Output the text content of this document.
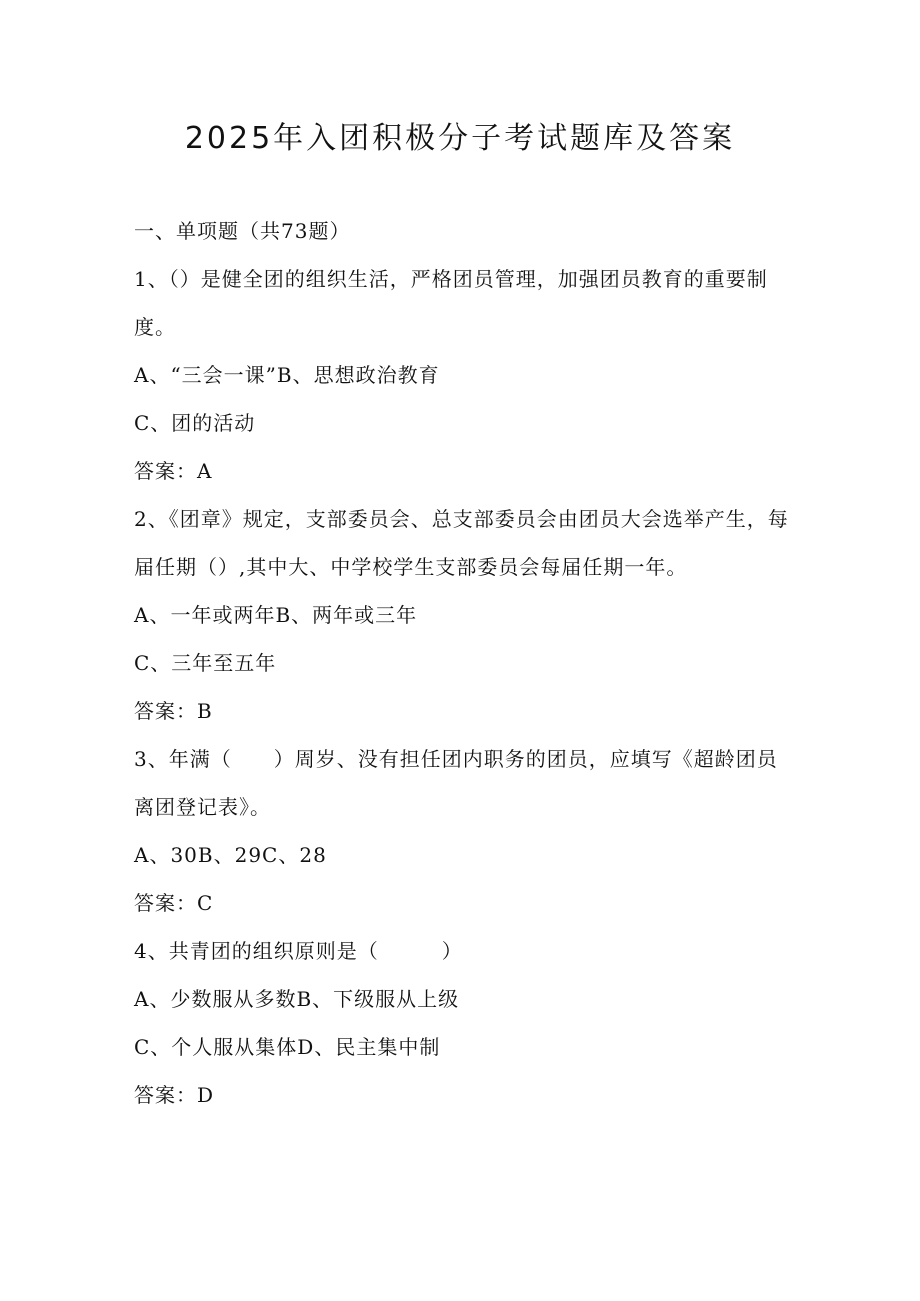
2025年入团积极分子考试题库及答案
一、单项题（共73题）
1、（）是健全团的组织生活，严格团员管理，加强团员教育的重要制度。
A、“三会一课”B、思想政治教育
C、团的活动
答案：A
2、《团章》规定，支部委员会、总支部委员会由团员大会选举产生，每届任期（）,其中大、中学校学生支部委员会每届任期一年。
A、一年或两年B、两年或三年
C、三年至五年
答案：B
3、年满（　　）周岁、没有担任团内职务的团员，应填写《超龄团员离团登记表》。
A、30B、29C、28
答案：C
4、共青团的组织原则是（　　　）
A、少数服从多数B、下级服从上级
C、个人服从集体D、民主集中制
答案：D
